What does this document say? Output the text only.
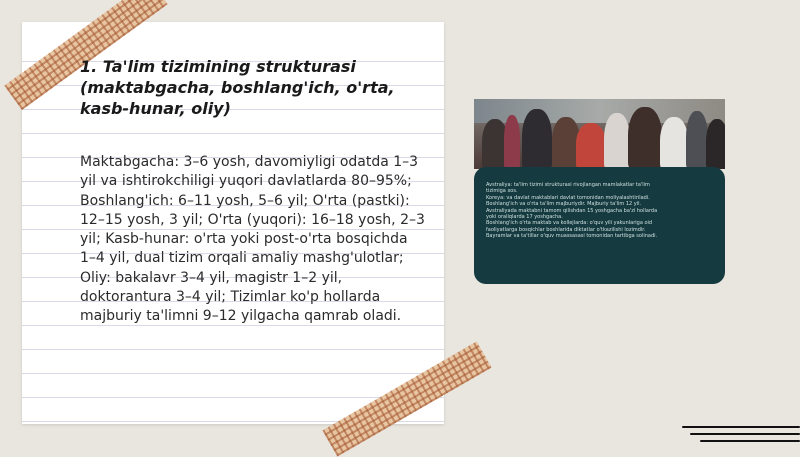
1. Ta'lim tizimining strukturasi (maktabgacha, boshlang'ich, o'rta, kasb-hunar, oliy)

Maktabgacha: 3–6 yosh, davomiyligi odatda 1–3 yil va ishtirokchiligi yuqori davlatlarda 80–95%; Boshlang'ich: 6–11 yosh, 5–6 yil; O'rta (pastki): 12–15 yosh, 3 yil; O'rta (yuqori): 16–18 yosh, 2–3 yil; Kasb-hunar: o'rta yoki post-o'rta bosqichda 1–4 yil, dual tizim orqali amaliy mashg'ulotlar; Oliy: bakalavr 3–4 yil, magistr 1–2 yil, doktorantura 3–4 yil; Tizimlar ko'p hollarda majburiy ta'limni 9–12 yilgacha qamrab oladi.

Avstraliya: ta'lim tizimi strukturasi rivojlangan mamlakatlar ta'lim
tizimiga xos.
Koreya: va davlat maktablari davlat tomonidan moliyalashtiriladi.
Boshlang'ich va o'rta ta'lim majburiydir. Majburiy ta'lim 12 yil.
Avstraliyada maktabni tamom qilishdan 15 yoshgacha ba'zi hollarda
yoki oraliqlarda 17 yoshgacha.
Boshlang'ich o'rta maktab va kollejlarda: o'quv yili yakunlariga oid
faoliyatlarga bosqichlar boshlarida diktatlar o'tkazilishi lozimdir.
Bayramlar va ta'tillar o'quv muassasasi tomonidan tartibga solinadi.
